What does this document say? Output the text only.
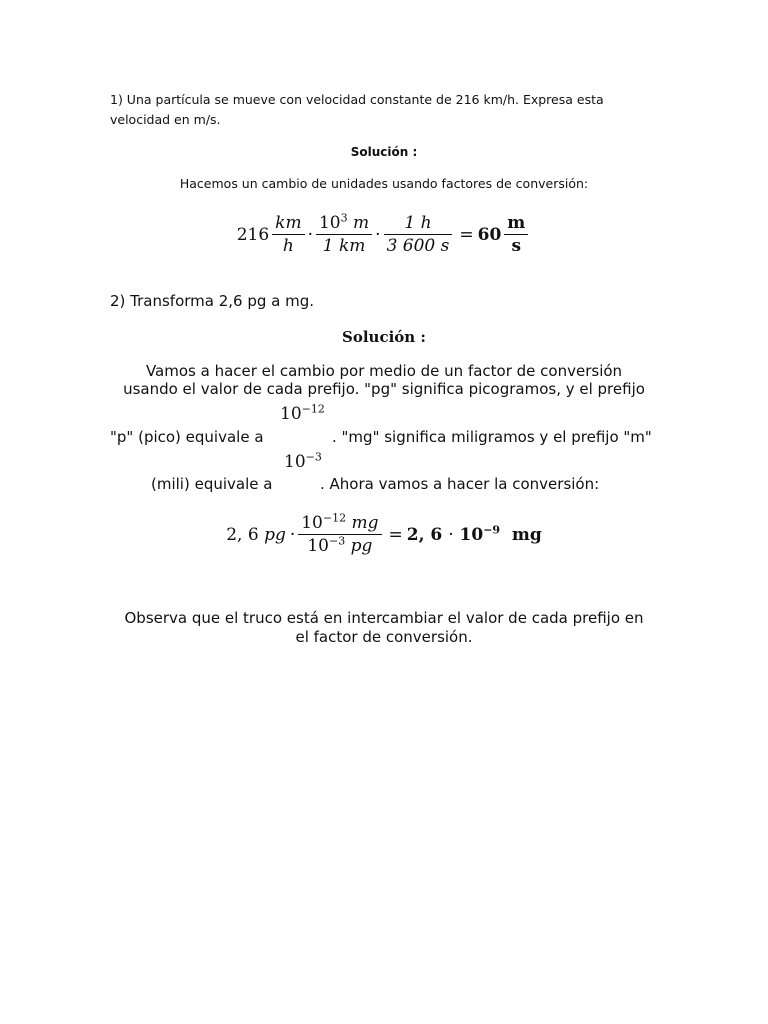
1) Una partícula se mueve con velocidad constante de 216 km/h. Expresa esta
velocidad en m/s.
Solución :
Hacemos un cambio de unidades usando factores de conversión:
$216 \frac{km}{h} \cdot \frac{10^3 m}{1 km} \cdot \frac{1 h}{3 600 s} = 60 \frac{m}{s}$
2) Transforma 2,6 pg a mg.
Solución :
Vamos a hacer el cambio por medio de un factor de conversión
usando el valor de cada prefijo. "pg" significa picogramos, y el prefijo
$10^{-12}$
"p" (pico) equivale a	. "mg" significa miligramos y el prefijo "m"
$10^{-3}$
(mili) equivale a	. Ahora vamos a hacer la conversión:
2, 6
pg · $\frac{10^{-12} mg}{10^{-3} pg} = 2$, $6 \cdot 10^{-9}$ mg
Observa que el truco está en intercambiar el valor de cada prefijo en
el factor de conversión.
